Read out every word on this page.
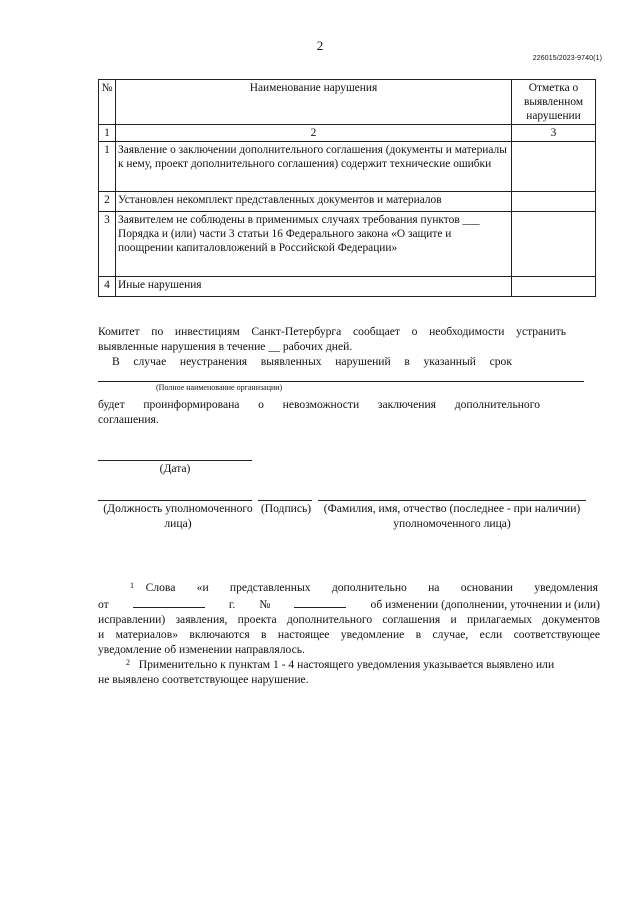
2
226015/2023-9740(1)
№	Наименование нарушения	Отметка о выявленном нарушении
1	2	3
1	Заявление о заключении дополнительного соглашения (документы и материалы к нему, проект дополнительного соглашения) содержит технические ошибки	
2	Установлен некомплект представленных документов и материалов	
3	Заявителем не соблюдены в применимых случаях требования пунктов ___ Порядка и (или) части 3 статьи 16 Федерального закона «О защите и поощрении капиталовложений в Российской Федерации»	
4	Иные нарушения	
Комитет по инвестициям Санкт-Петербурга сообщает о необходимости устранить
выявленные нарушения в течение __ рабочих дней.
В случае неустранения выявленных нарушений в указанный срок
(Полное наименование организации)
будет проинформирована о невозможности заключения дополнительного
соглашения.
(Дата)
(Должность уполномоченного лица)
(Подпись)	(Фамилия, имя, отчество (последнее - при наличии) уполномоченного лица)
$^1$ Слова «и представленных дополнительно на основании уведомления
от	г. №	об изменении (дополнении, уточнении и (или)
исправлении) заявления, проекта дополнительного соглашения и прилагаемых документов
и материалов» включаются в настоящее уведомление в случае, если соответствующее
уведомление об изменении направлялось.
$^2$ Применительно к пунктам 1 - 4 настоящего уведомления указывается выявлено или
не выявлено соответствующее нарушение.
